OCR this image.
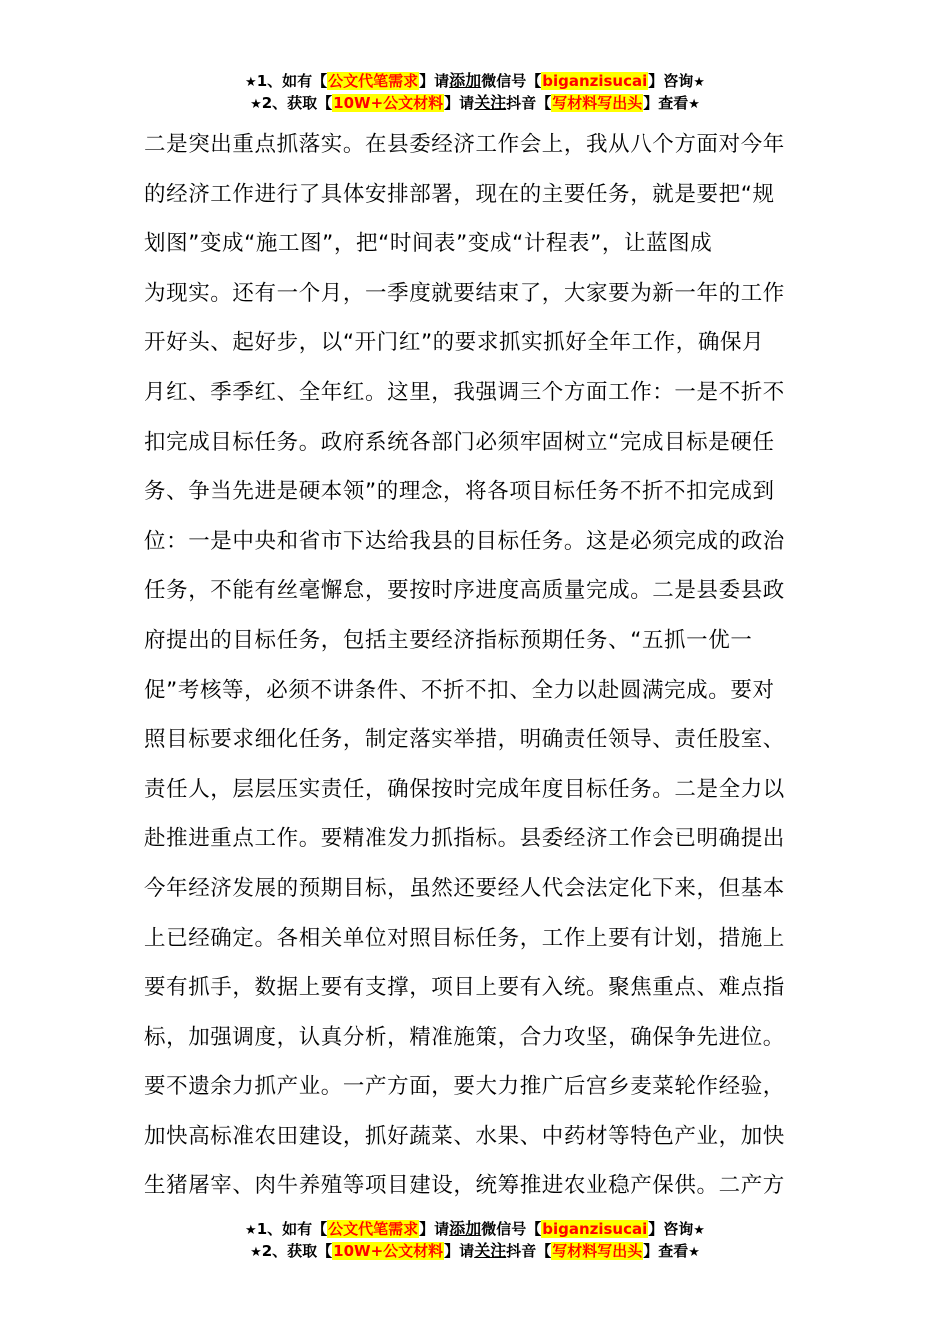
★1、如有【公文代笔需求】请添加微信号【biganzisucai】咨询★
★2、获取【10W+公文材料】请关注抖音【写材料写出头】查看★
二是突出重点抓落实。在县委经济工作会上，我从八个方面对今年
的经济工作进行了具体安排部署，现在的主要任务，就是要把“规
划图”变成“施工图”，把“时间表”变成“计程表”，让蓝图成
为现实。还有一个月，一季度就要结束了，大家要为新一年的工作
开好头、起好步，以“开门红”的要求抓实抓好全年工作，确保月
月红、季季红、全年红。这里，我强调三个方面工作：一是不折不
扣完成目标任务。政府系统各部门必须牢固树立“完成目标是硬任
务、争当先进是硬本领”的理念，将各项目标任务不折不扣完成到
位：一是中央和省市下达给我县的目标任务。这是必须完成的政治
任务，不能有丝毫懈怠，要按时序进度高质量完成。二是县委县政
府提出的目标任务，包括主要经济指标预期任务、“五抓一优一
促”考核等，必须不讲条件、不折不扣、全力以赴圆满完成。要对
照目标要求细化任务，制定落实举措，明确责任领导、责任股室、
责任人，层层压实责任，确保按时完成年度目标任务。二是全力以
赴推进重点工作。要精准发力抓指标。县委经济工作会已明确提出
今年经济发展的预期目标，虽然还要经人代会法定化下来，但基本
上已经确定。各相关单位对照目标任务，工作上要有计划，措施上
要有抓手，数据上要有支撑，项目上要有入统。聚焦重点、难点指
标，加强调度，认真分析，精准施策，合力攻坚，确保争先进位。
要不遗余力抓产业。一产方面，要大力推广后宫乡麦菜轮作经验，
加快高标准农田建设，抓好蔬菜、水果、中药材等特色产业，加快
生猪屠宰、肉牛养殖等项目建设，统筹推进农业稳产保供。二产方
★1、如有【公文代笔需求】请添加微信号【biganzisucai】咨询★
★2、获取【10W+公文材料】请关注抖音【写材料写出头】查看★
